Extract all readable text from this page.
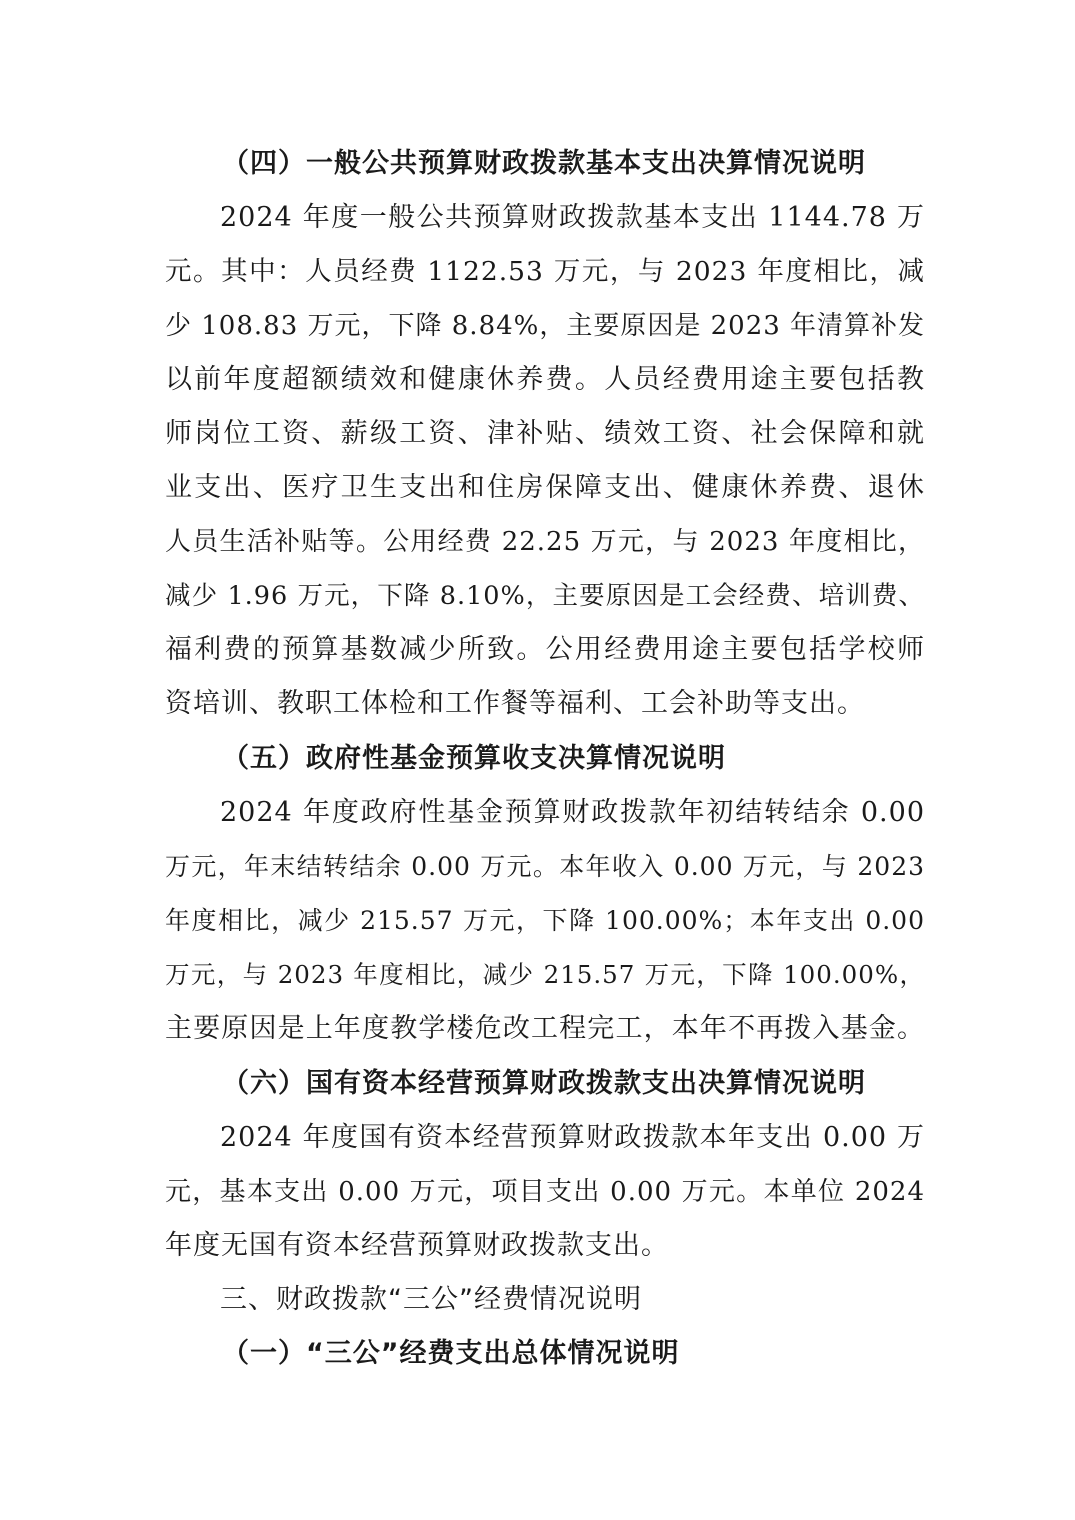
（四）一般公共预算财政拨款基本支出决算情况说明
2024 年度一般公共预算财政拨款基本支出 1144.78 万
元。其中：人员经费 1122.53 万元，与 2023 年度相比，减
少 108.83 万元，下降 8.84%，主要原因是 2023 年清算补发
以前年度超额绩效和健康休养费。人员经费用途主要包括教
师岗位工资、薪级工资、津补贴、绩效工资、社会保障和就
业支出、医疗卫生支出和住房保障支出、健康休养费、退休
人员生活补贴等。公用经费 22.25 万元，与 2023 年度相比，
减少 1.96 万元，下降 8.10%，主要原因是工会经费、培训费、
福利费的预算基数减少所致。公用经费用途主要包括学校师
资培训、教职工体检和工作餐等福利、工会补助等支出。
（五）政府性基金预算收支决算情况说明
2024 年度政府性基金预算财政拨款年初结转结余 0.00
万元，年末结转结余 0.00 万元。本年收入 0.00 万元，与 2023
年度相比，减少 215.57 万元，下降 100.00%；本年支出 0.00
万元，与 2023 年度相比，减少 215.57 万元，下降 100.00%，
主要原因是上年度教学楼危改工程完工，本年不再拨入基金。
（六）国有资本经营预算财政拨款支出决算情况说明
2024 年度国有资本经营预算财政拨款本年支出 0.00 万
元，基本支出 0.00 万元，项目支出 0.00 万元。本单位 2024
年度无国有资本经营预算财政拨款支出。
三、财政拨款“三公”经费情况说明
（一）“三公”经费支出总体情况说明
